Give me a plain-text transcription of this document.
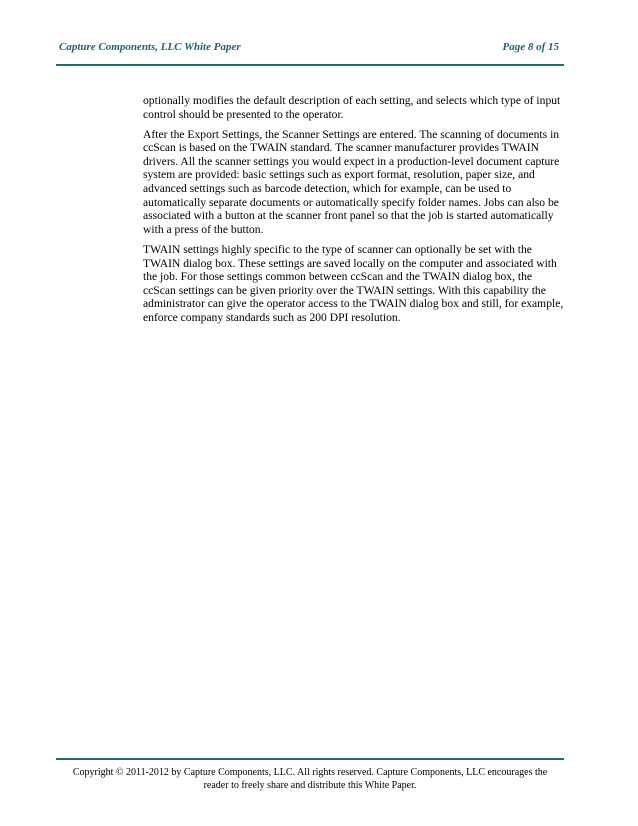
Capture Components, LLC White Paper	Page 8 of 15

optionally modifies the default description of each setting, and selects which type of input control should be presented to the operator.

After the Export Settings, the Scanner Settings are entered. The scanning of documents in ccScan is based on the TWAIN standard. The scanner manufacturer provides TWAIN drivers. All the scanner settings you would expect in a production-level document capture system are provided: basic settings such as export format, resolution, paper size, and advanced settings such as barcode detection, which for example, can be used to automatically separate documents or automatically specify folder names. Jobs can also be associated with a button at the scanner front panel so that the job is started automatically with a press of the button.

TWAIN settings highly specific to the type of scanner can optionally be set with the TWAIN dialog box. These settings are saved locally on the computer and associated with the job. For those settings common between ccScan and the TWAIN dialog box, the ccScan settings can be given priority over the TWAIN settings. With this capability the administrator can give the operator access to the TWAIN dialog box and still, for example, enforce company standards such as 200 DPI resolution.

Copyright © 2011-2012 by Capture Components, LLC. All rights reserved. Capture Components, LLC encourages the
reader to freely share and distribute this White Paper.
